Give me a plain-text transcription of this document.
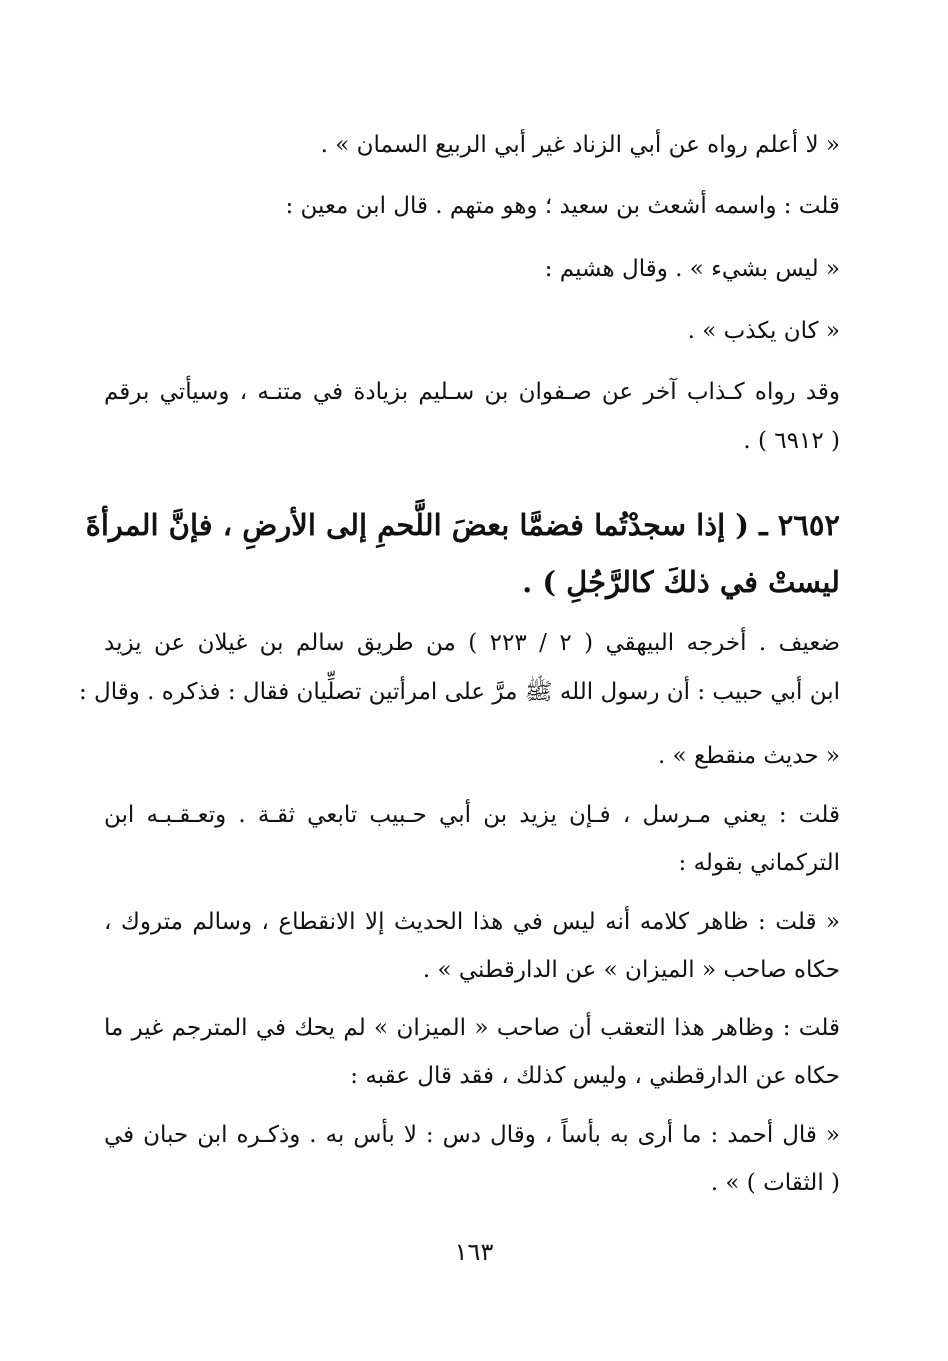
« لا أعلم رواه عن أبي الزناد غير أبي الربيع السمان » .
قلت : واسمه أشعث بن سعيد ؛ وهو متهم . قال ابن معين :
« ليس بشيء » . وقال هشيم :
« كان يكذب » .
وقد رواه كـذاب آخر عن صـفوان بن سـليم بزيادة في متنـه ، وسيأتي برقم
( ٦٩١٢ ) .
٢٦٥٢ ـ ( إذا سجدْتُما فضمَّا بعضَ اللَّحمِ إلى الأرضِ ، فإنَّ المرأةَ
ليستْ في ذلكَ كالرَّجُلِ ) .
ضعيف . أخرجه البيهقي ( ٢ / ٢٢٣ ) من طريق سالم بن غيلان عن يزيد
ابن أبي حبيب : أن رسول الله ﷺ مرَّ على امرأتين تصلِّيان فقال : فذكره . وقال :
« حديث منقطع » .
قلت : يعني مـرسل ، فـإن يزيد بن أبي حـبيب تابعي ثقـة . وتعـقـبـه ابن
التركماني بقوله :
« قلت : ظاهر كلامه أنه ليس في هذا الحديث إلا الانقطاع ، وسالم متروك ،
حكاه صاحب « الميزان » عن الدارقطني » .
قلت : وظاهر هذا التعقب أن صاحب « الميزان » لم يحك في المترجم غير ما
حكاه عن الدارقطني ، وليس كذلك ، فقد قال عقبه :
« قال أحمد : ما أرى به بأساً ، وقال دس : لا بأس به . وذكـره ابن حبان في
( الثقات ) » .
١٦٣
